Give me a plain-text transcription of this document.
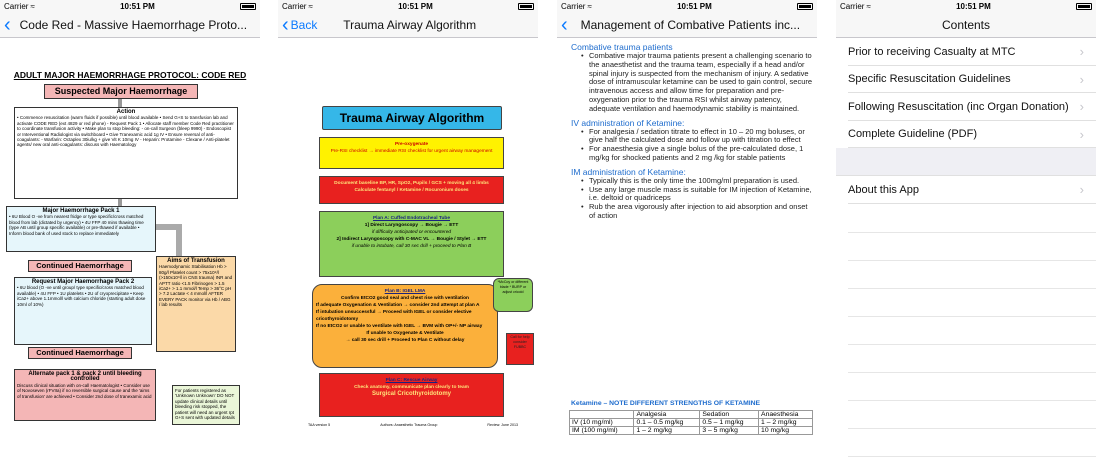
Carrier ≈	10:51 PM
‹ Code Red - Massive Haemorrhage Proto...
ADULT MAJOR HAEMORRHAGE PROTOCOL: CODE RED
Suspected Major Haemorrhage
Action
• Commence resuscitation (warm fluids if possible) until blood available • Send G+S to transfusion lab and activate CODE RED (ext 4829 or red phone) - Request Pack 1 • Allocate staff member Code Red practitioner to coordinate transfusion activity • Make plan to stop bleeding: - on-call Surgeon (bleep 9990) - Endoscopist or Interventional Radiologist via switchboard • Give Tranexamic acid 1g IV • Ensure reversal of anti-coagulants: - Warfarin: Octaplex 30iu/kg + give Vit K 10mg IV - Heparin: Protamine - Clexane / Anti-platelet agents/ new oral anti-coagulants: discuss with Haematology
Major Haemorrhage Pack 1
• 6U Blood O -ve from nearest fridge or type specific/cross matched blood from lab (dictated by urgency) • 4U FFP 40 mins thawing time (type AB until group specific available) or pre-thawed if available • Inform blood bank of used stock to replace immediately
Continued Haemorrhage
Request Major Haemorrhage Pack 2
• 6U blood (O -ve until group/ type specific/cross matched blood available) • 4U FFP • 1U platelets • 2U of cryoprecipitate • Keep iCa2+ above 1.1mmol/l with calcium chloride (starting adult dose 10ml of 10%)
Aims of Transfusion
Haemodynamic Stabilisation Hb > 80g/l Platelet count > 75x10⁹/l (>150x10⁹/l in CNS trauma) INR and APTT ratio <1.5 Fibrinogen > 1.5 iCa2+ > 1.1 mmol/l Temp > 36°C pH > 7.2 Lactate < 4 mmol/l AFTER EVERY PACK monitor via Hb / ABG / lab results
Continued Haemorrhage
Alternate pack 1 & pack 2 until bleeding controlled
Discuss clinical situation with on-call Haematologist • Consider use of Novoseven (rFVIIa) if no reversible surgical cause and the 'aims of transfusion' are achieved • Consider 2nd dose of tranexamic acid
For patients registered as 'Unknown Unknown' DO NOT update clinical details until bleeding risk stopped, the patient will need an urgent rpt G+S sent with updated details
Carrier ≈	10:51 PM
‹ Back	Trauma Airway Algorithm
Trauma Airway Algorithm
Pre-oxygenate
Pre-RSI checklist → immediate RSI checklist for urgent airway management
Document baseline BP, HR, SpO2, Pupils / GCS + moving all 4 limbs
Calculate fentanyl / Ketamine / Rocuronium doses
Plan A: Cuffed Endotracheal Tube
1] Direct Laryngoscopy → Bougie → ETT
if difficulty anticipated or encountered
2] Indirect Laryngoscopy with C-MAC VL → Bougie / Stylet → ETT
if unable to intubate, call 30 sec drill + proceed to Plan B
Plan B: IGEL LMA
Confirm EtCO2 good seal and chest rise with ventilation
If adequate Oxygenation & Ventilation → consider 2nd attempt at plan A
If intubation unsuccessful → Proceed with IGEL or consider elective cricothyroidotomy
If no EtCO2 or unable to ventilate with IGEL → BVM with OP+/- NP airway
If unable to Oxygenate & Ventilate
→ call 30 sec drill + Proceed to Plan C without delay
*McCoy or different blade * BURP or adjust cricoid
Call for help consider FUBBC
Plan C: Rescue Airway
Check anatomy, communicate plan clearly to team
Surgical Cricothyroidotomy
TAA version 5	Authors: Anaesthetic Trauma Group	Review: June 2013
Carrier ≈	10:51 PM
‹	Management of Combative Patients inc...
Combative trauma patients
• Combative major trauma patients present a challenging scenario to the anaesthetist and the trauma team, especially if a head and/or spinal injury is suspected from the mechanism of injury. A sedative dose of intramuscular ketamine can be used to gain control, secure intravenous access and allow time for preparation and pre-oxygenation prior to the trauma RSI whilst airway patency, adequate ventilation and haemodynamic stability is maintained.
IV administration of Ketamine:
• For analgesia / sedation titrate to effect in 10 – 20 mg boluses, or give half the calculated dose and follow up with titration to effect
• For anaesthesia give a single bolus of the pre-calculated dose, 1 mg/kg for shocked patients and 2 mg /kg for stable patients
IM administration of Ketamine:
• Typically this is the only time the 100mg/ml preparation is used.
• Use any large muscle mass is suitable for IM injection of Ketamine, i.e. deltoid or quadriceps
• Rub the area vigorously after injection to aid absorption and onset of action
Ketamine – NOTE DIFFERENT STRENGTHS OF KETAMINE
	Analgesia	Sedation	Anaesthesia
IV (10 mg/ml)	0.1 – 0.5 mg/kg	0.5 – 1 mg/kg	1 – 2 mg/kg
IM (100 mg/ml)	1 – 2 mg/kg	3 – 5 mg/kg	10 mg/kg
Carrier ≈	10:51 PM
Contents
Prior to receiving Casualty at MTC	›
Specific Resuscitation Guidelines	›
Following Resuscitation (inc Organ Donation) ›
Complete Guideline (PDF)	›
About this App	›
